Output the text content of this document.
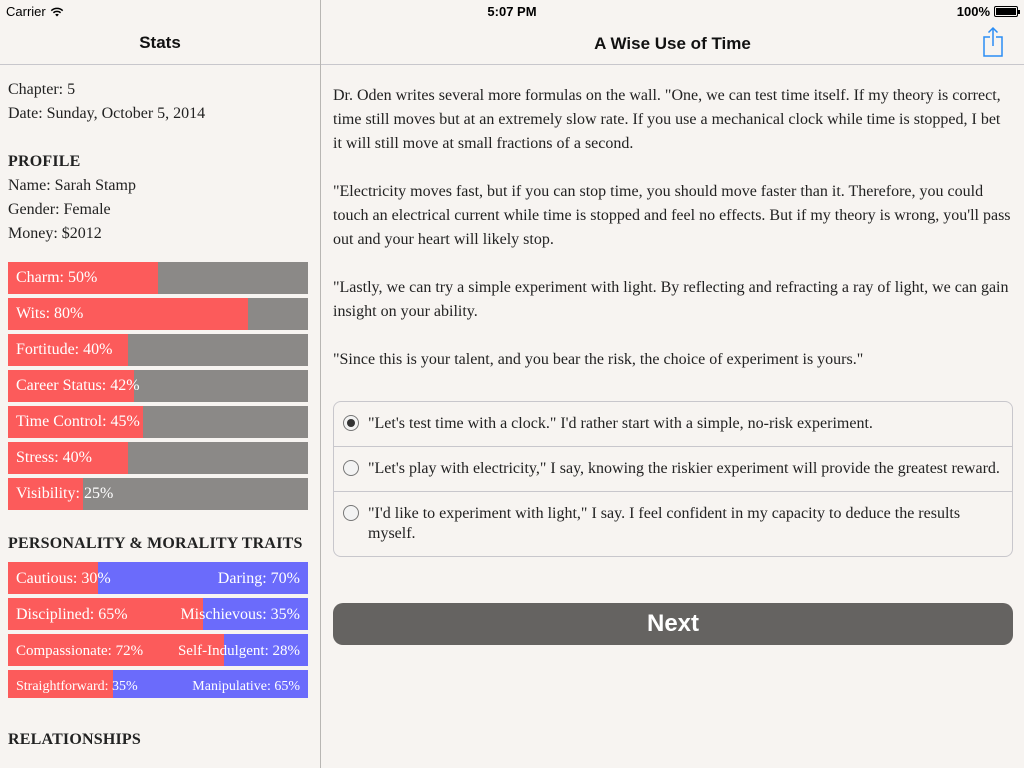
Carrier	5:07 PM	100%
Stats	A Wise Use of Time
Chapter: 5
Date: Sunday, October 5, 2014
PROFILE
Name: Sarah Stamp
Gender: Female
Money: $2012
Charm: 50%
Wits: 80%
Fortitude: 40%
Career Status: 42%
Time Control: 45%
Stress: 40%
Visibility: 25%
PERSONALITY & MORALITY TRAITS
Cautious: 30%	Daring: 70%
Disciplined: 65%	Mischievous: 35%
Compassionate: 72% Self-Indulgent: 28%
Straightforward: 35%	Manipulative: 65%
RELATIONSHIPS

Dr. Oden writes several more formulas on the wall. "One, we can test time itself. If my theory is correct, time still moves but at an extremely slow rate. If you use a mechanical clock while time is stopped, I bet it will still move at small fractions of a second.

"Electricity moves fast, but if you can stop time, you should move faster than it. Therefore, you could touch an electrical current while time is stopped and feel no effects. But if my theory is wrong, you'll pass out and your heart will likely stop.

"Lastly, we can try a simple experiment with light. By reflecting and refracting a ray of light, we can gain insight on your ability.

"Since this is your talent, and you bear the risk, the choice of experiment is yours."

"Let's test time with a clock." I'd rather start with a simple, no-risk experiment.
"Let's play with electricity," I say, knowing the riskier experiment will provide the greatest reward.
"I'd like to experiment with light," I say. I feel confident in my capacity to deduce the results myself.
Next
